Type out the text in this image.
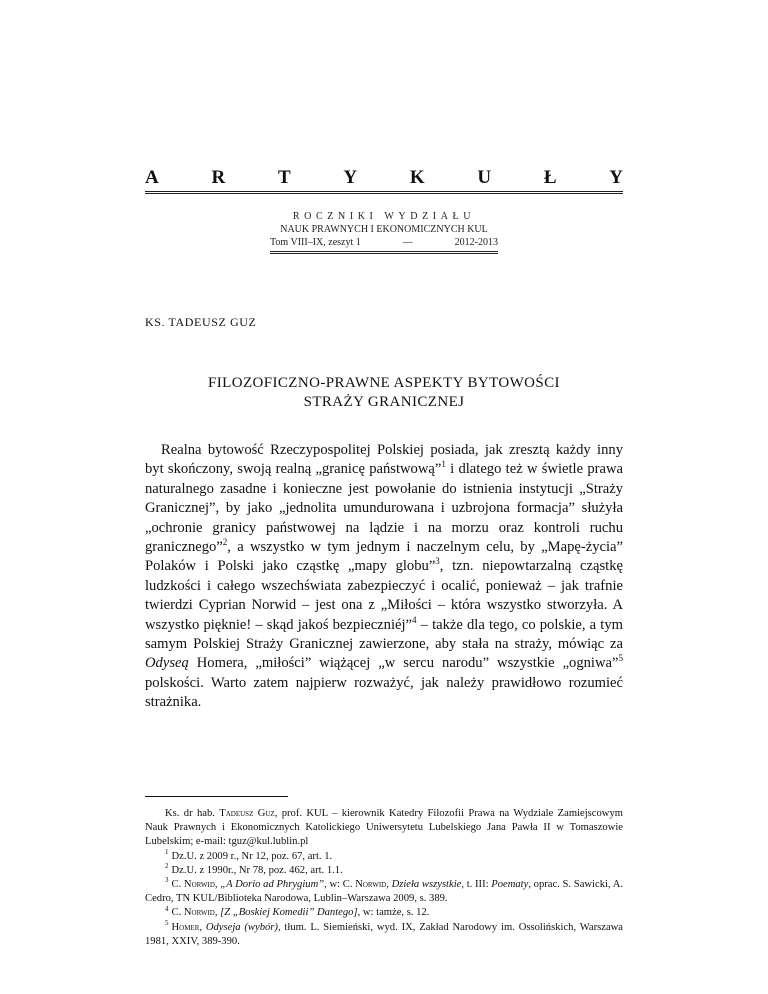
A	R	T	Y	K	U	Ł	Y
ROCZNIKI WYDZIAŁU
NAUK PRAWNYCH I EKONOMICZNYCH KUL
Tom VIII–IX, zeszyt 1	—	2012-2013
KS. TADEUSZ GUZ
FILOZOFICZNO-PRAWNE ASPEKTY BYTOWOŚCI
STRAŻY GRANICZNEJ
Realna bytowość Rzeczypospolitej Polskiej posiada, jak zresztą każdy inny byt skończony, swoją realną „granicę państwową”$^1$ i dlatego też w świetle prawa naturalnego zasadne i konieczne jest powołanie do istnienia instytucji „Straży Granicznej”, by jako „jednolita umundurowana i uzbrojona formacja” służyła „ochronie granicy państwowej na lądzie i na morzu oraz kontroli ruchu granicznego”$^2$, a wszystko w tym jednym i naczelnym celu, by „Mapę-życia” Polaków i Polski jako cząstkę „mapy globu”$^3$, tzn. niepowtarzalną cząstkę ludzkości i całego wszechświata zabezpieczyć i ocalić, ponieważ – jak trafnie twierdzi Cyprian Norwid – jest ona z „Miłości – która wszystko stworzyła. A wszystko pięknie! – skąd jakoś bezpieczniéj”$^4$ – także dla tego, co polskie, a tym samym Polskiej Straży Granicznej zawierzone, aby stała na straży, mówiąc za Odyseą Homera, „miłości” wiążącej „w sercu narodu” wszystkie „ogniwa”$^5$ polskości. Warto zatem najpierw rozważyć, jak należy prawidłowo rozumieć strażnika.

Ks. dr hab. Tadeusz Guz, prof. KUL – kierownik Katedry Filozofii Prawa na Wydziale Zamiejscowym Nauk Prawnych i Ekonomicznych Katolickiego Uniwersytetu Lubelskiego Jana Pawła II w Tomaszowie Lubelskim; e-mail: tguz@kul.lublin.pl

$^1$ Dz.U. z 2009 r., Nr 12, poz. 67, art. 1.

$^2$ Dz.U. z 1990r., Nr 78, poz. 462, art. 1.1.

$^3$ C. Norwid, „A Dorio ad Phrygium”, w: C. Norwid, Dzieła wszystkie, t. III: Poematy, oprac. S. Sawicki, A. Cedro, TN KUL/Biblioteka Narodowa, Lublin–Warszawa 2009, s. 389.

$^4$ C. Norwid, [Z „Boskiej Komedii” Dantego], w: tamże, s. 12.

$^5$ Homer, Odyseja (wybór), tłum. L. Siemieński, wyd. IX, Zakład Narodowy im. Ossolińskich, Warszawa 1981, XXIV, 389-390.
